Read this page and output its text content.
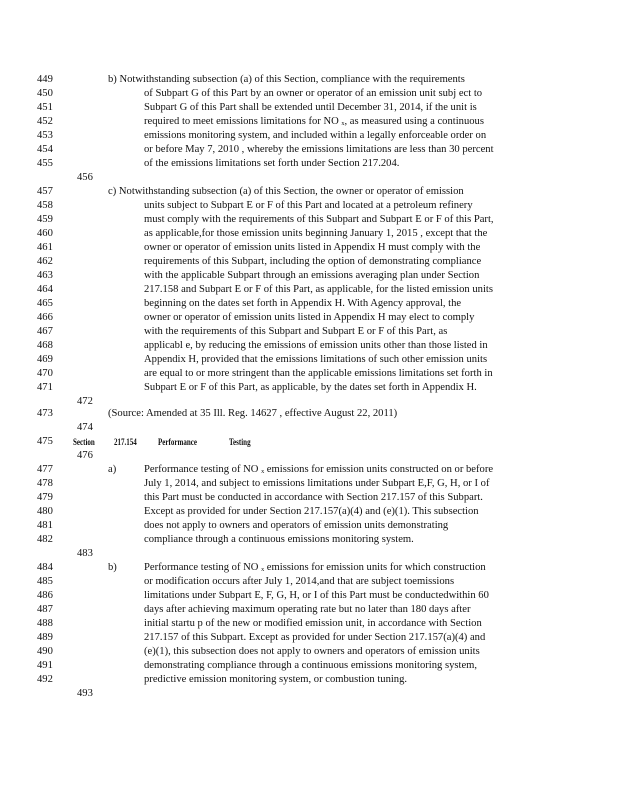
449	b) Notwithstanding subsection (a) of this Section, compliance with the requirements
450	of Subpart G of this Part by an owner or operator of an emission unit subj ect to
451	Subpart G of this Part shall be extended until December 31, 2014, if the unit is
452	required to meet emissions limitations for NO ₓ, as measured using a continuous
453	emissions monitoring system, and included within a legally enforceable order on
454	or before May 7, 2010 , whereby the emissions limitations are less than 30 percent
455	of the emissions limitations set forth under Section 217.204.
456
457	c) Notwithstanding subsection (a) of this Section, the owner or operator of emission
458	units subject to Subpart E or F of this Part and located at a petroleum refinery
459	must comply with the requirements of this Subpart and Subpart E or F of this Part,
460	as applicable,for those emission units beginning January 1, 2015 , except that the
461	owner or operator of emission units listed in Appendix H must comply with the
462	requirements of this Subpart, including the option of demonstrating compliance
463	with the applicable Subpart through an emissions averaging plan under Section
464	217.158 and Subpart E or F of this Part, as applicable, for the listed emission units
465	beginning on the dates set forth in Appendix H. With Agency approval, the
466	owner or operator of emission units listed in Appendix H may elect to comply
467	with the requirements of this Subpart and Subpart E or F of this Part, as
468	applicabl e, by reducing the emissions of emission units other than those listed in
469	Appendix H, provided that the emissions limitations of such other emission units
470	are equal to or more stringent than the applicable emissions limitations set forth in
471	Subpart E or F of this Part, as applicable, by the dates set forth in Appendix H.
472
473	(Source: Amended at 35 Ill. Reg. 14627 , effective August 22, 2011)
474
475	Section 217.154 Performance	Testing
476
477	a)	Performance testing of NO ₓ emissions for emission units constructed on or before
478	July 1, 2014, and subject to emissions limitations under Subpart E,F, G, H, or I of
479	this Part must be conducted in accordance with Section 217.157 of this Subpart.
480	Except as provided for under Section 217.157(a)(4) and (e)(1). This subsection
481	does not apply to owners and operators of emission units demonstrating
482	compliance through a continuous emissions monitoring system.
483
484	b)	Performance testing of NO ₓ emissions for emission units for which construction
485	or modification occurs after July 1, 2014,and that are subject toemissions
486	limitations under Subpart E, F, G, H, or I of this Part must be conductedwithin 60
487	days after achieving maximum operating rate but no later than 180 days after
488	initial startu p of the new or modified emission unit, in accordance with Section
489	217.157 of this Subpart. Except as provided for under Section 217.157(a)(4) and
490	(e)(1), this subsection does not apply to owners and operators of emission units
491	demonstrating compliance through a continuous emissions monitoring system,
492	predictive emission monitoring system, or combustion tuning.
493
